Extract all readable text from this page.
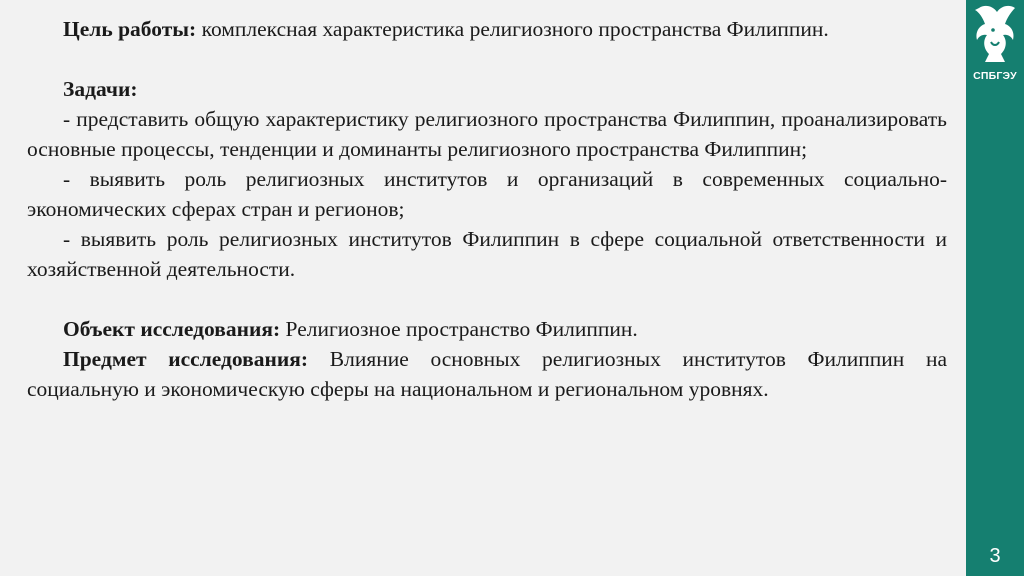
Цель работы: комплексная характеристика религиозного пространства Филиппин.

Задачи:

- представить общую характеристику религиозного пространства Филиппин, проанализировать основные процессы, тенденции и доминанты религиозного пространства Филиппин;

- выявить роль религиозных институтов и организаций в современных социально-экономических сферах стран и регионов;

- выявить роль религиозных институтов Филиппин в сфере социальной ответственности и хозяйственной деятельности.

Объект исследования: Религиозное пространство Филиппин.

Предмет исследования: Влияние основных религиозных институтов Филиппин на социальную и экономическую сферы на национальном и региональном уровнях.

СПБГЭУ
3
